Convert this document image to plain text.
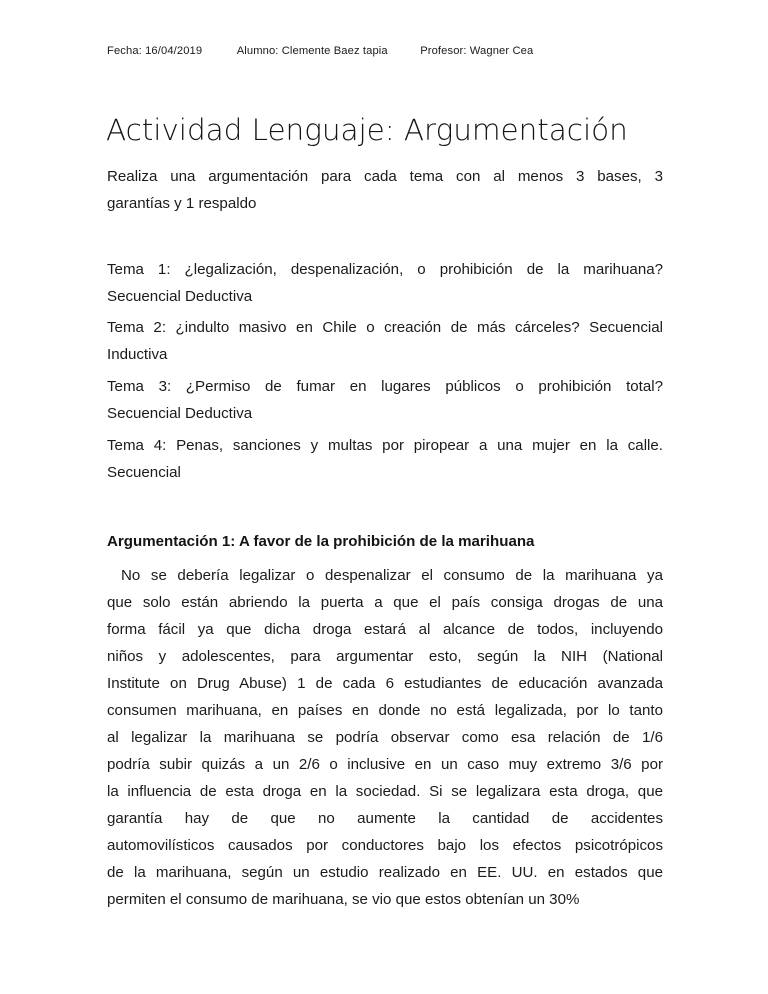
Fecha: 16/04/2019	Alumno: Clemente Baez tapia	Profesor: Wagner Cea
Actividad Lenguaje: Argumentación
Realiza una argumentación para cada tema con al menos 3 bases, 3
garantías y 1 respaldo
Tema 1: ¿legalización, despenalización, o prohibición de la marihuana?
Secuencial Deductiva
Tema 2: ¿indulto masivo en Chile o creación de más cárceles? Secuencial
Inductiva
Tema 3: ¿Permiso de fumar en lugares públicos o prohibición total?
Secuencial Deductiva
Tema 4: Penas, sanciones y multas por piropear a una mujer en la calle.
Secuencial
Argumentación 1: A favor de la prohibición de la marihuana
No se debería legalizar o despenalizar el consumo de la marihuana ya
que solo están abriendo la puerta a que el país consiga drogas de una
forma fácil ya que dicha droga estará al alcance de todos, incluyendo
niños y adolescentes, para argumentar esto, según la NIH (National
Institute on Drug Abuse) 1 de cada 6 estudiantes de educación avanzada
consumen marihuana, en países en donde no está legalizada, por lo tanto
al legalizar la marihuana se podría observar como esa relación de 1/6
podría subir quizás a un 2/6 o inclusive en un caso muy extremo 3/6 por
la influencia de esta droga en la sociedad. Si se legalizara esta droga, que
garantía hay de que no aumente la cantidad de accidentes
automovilísticos causados por conductores bajo los efectos psicotrópicos
de la marihuana, según un estudio realizado en EE. UU. en estados que
permiten el consumo de marihuana, se vio que estos obtenían un 30%
